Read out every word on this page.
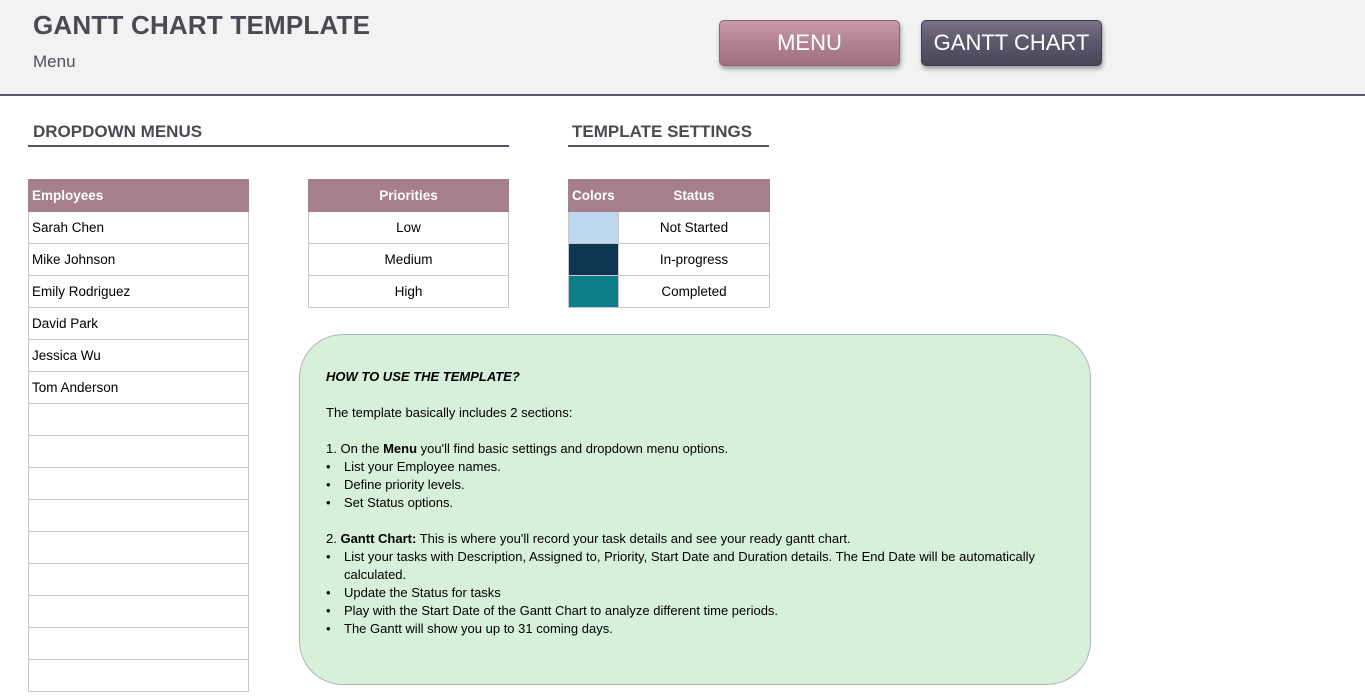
GANTT CHART TEMPLATE
Menu
MENU	GANTT CHART
DROPDOWN MENUS	TEMPLATE SETTINGS
Employees
Sarah Chen
Mike Johnson
Emily Rodriguez
David Park
Jessica Wu
Tom Anderson

Priorities
Low
Medium
High
Colors	Status
	Not Started
	In-progress
	Completed

HOW TO USE THE TEMPLATE?

The template basically includes 2 sections:

1. On the Menu you'll find basic settings and dropdown menu options.

•	List your Employee names.
•	Define priority levels.
•	Set Status options.

2. Gantt Chart: This is where you'll record your task details and see your ready gantt chart.

•	List your tasks with Description, Assigned to, Priority, Start Date and Duration details. The End Date will be automatically calculated.
•	Update the Status for tasks
•	Play with the Start Date of the Gantt Chart to analyze different time periods.
•	The Gantt will show you up to 31 coming days.
